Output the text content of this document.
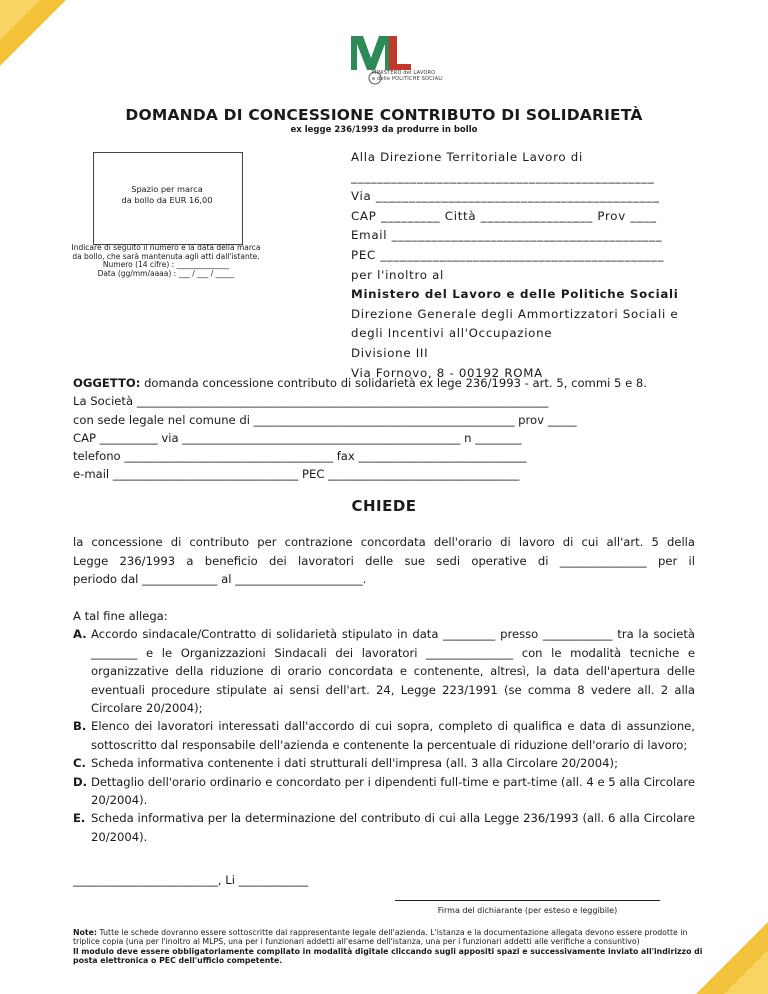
MINISTERO del LAVORO
e delle POLITICHE SOCIALI
DOMANDA DI CONCESSIONE CONTRIBUTO DI SOLIDARIETÀ
ex legge 236/1993 da produrre in bollo
Spazio per marca
da bollo da EUR 16,00
Indicare di seguito il numero e la data della marca
da bollo, che sarà mantenuta agli atti dall'istante.
Numero (14 cifre) : ______________
Data (gg/mm/aaaa) : ___ / ___ / _____
Alla Direzione Territoriale Lavoro di
______________________________________________
Via ___________________________________________
CAP _________ Città _________________ Prov ____
Email _________________________________________
PEC ___________________________________________
per l'inoltro al
Ministero del Lavoro e delle Politiche Sociali
Direzione Generale degli Ammortizzatori Sociali e
degli Incentivi all'Occupazione
Divisione III
Via Fornovo, 8 - 00192 ROMA
OGGETTO: domanda concessione contributo di solidarietà ex lege 236/1993 - art. 5, commi 5 e 8.
La Società _______________________________________________________________________
con sede legale nel comune di _____________________________________________ prov _____
CAP __________ via ________________________________________________ n ________
telefono ____________________________________ fax _____________________________
e-mail ________________________________ PEC _________________________________
CHIEDE
la concessione di contributo per contrazione concordata dell'orario di lavoro di cui all'art. 5 della
Legge 236/1993 a beneficio dei lavoratori delle sue sedi operative di _______________ per il
periodo dal _____________ al ______________________.
A tal fine allega:
A. Accordo sindacale/Contratto di solidarietà stipulato in data _________ presso ____________ tra la società ________ e le Organizzazioni Sindacali dei lavoratori _______________ con le modalità tecniche e organizzative della riduzione di orario concordata e contenente, altresì, la data dell'apertura delle eventuali procedure stipulate ai sensi dell'art. 24, Legge 223/1991 (se comma 8 vedere all. 2 alla Circolare 20/2004);
B. Elenco dei lavoratori interessati dall'accordo di cui sopra, completo di qualifica e data di assunzione, sottoscritto dal responsabile dell'azienda e contenente la percentuale di riduzione dell'orario di lavoro;
C. Scheda informativa contenente i dati strutturali dell'impresa (all. 3 alla Circolare 20/2004);
D. Dettaglio dell'orario ordinario e concordato per i dipendenti full-time e part-time (all. 4 e 5 alla Circolare 20/2004).
E. Scheda informativa per la determinazione del contributo di cui alla Legge 236/1993 (all. 6 alla Circolare 20/2004).
_________________________, Li ____________
Firma del dichiarante (per esteso e leggibile)
Note: Tutte le schede dovranno essere sottoscritte dal rappresentante legale dell'azienda. L'istanza e la documentazione allegata devono essere prodotte in triplice copia (una per l'inoltro al MLPS, una per i funzionari addetti all'esame dell'istanza, una per i funzionari addetti alle verifiche a consuntivo)
Il modulo deve essere obbligatoriamente compilato in modalità digitale cliccando sugli appositi spazi e successivamente inviato all'indirizzo di posta elettronica o PEC dell'ufficio competente.
